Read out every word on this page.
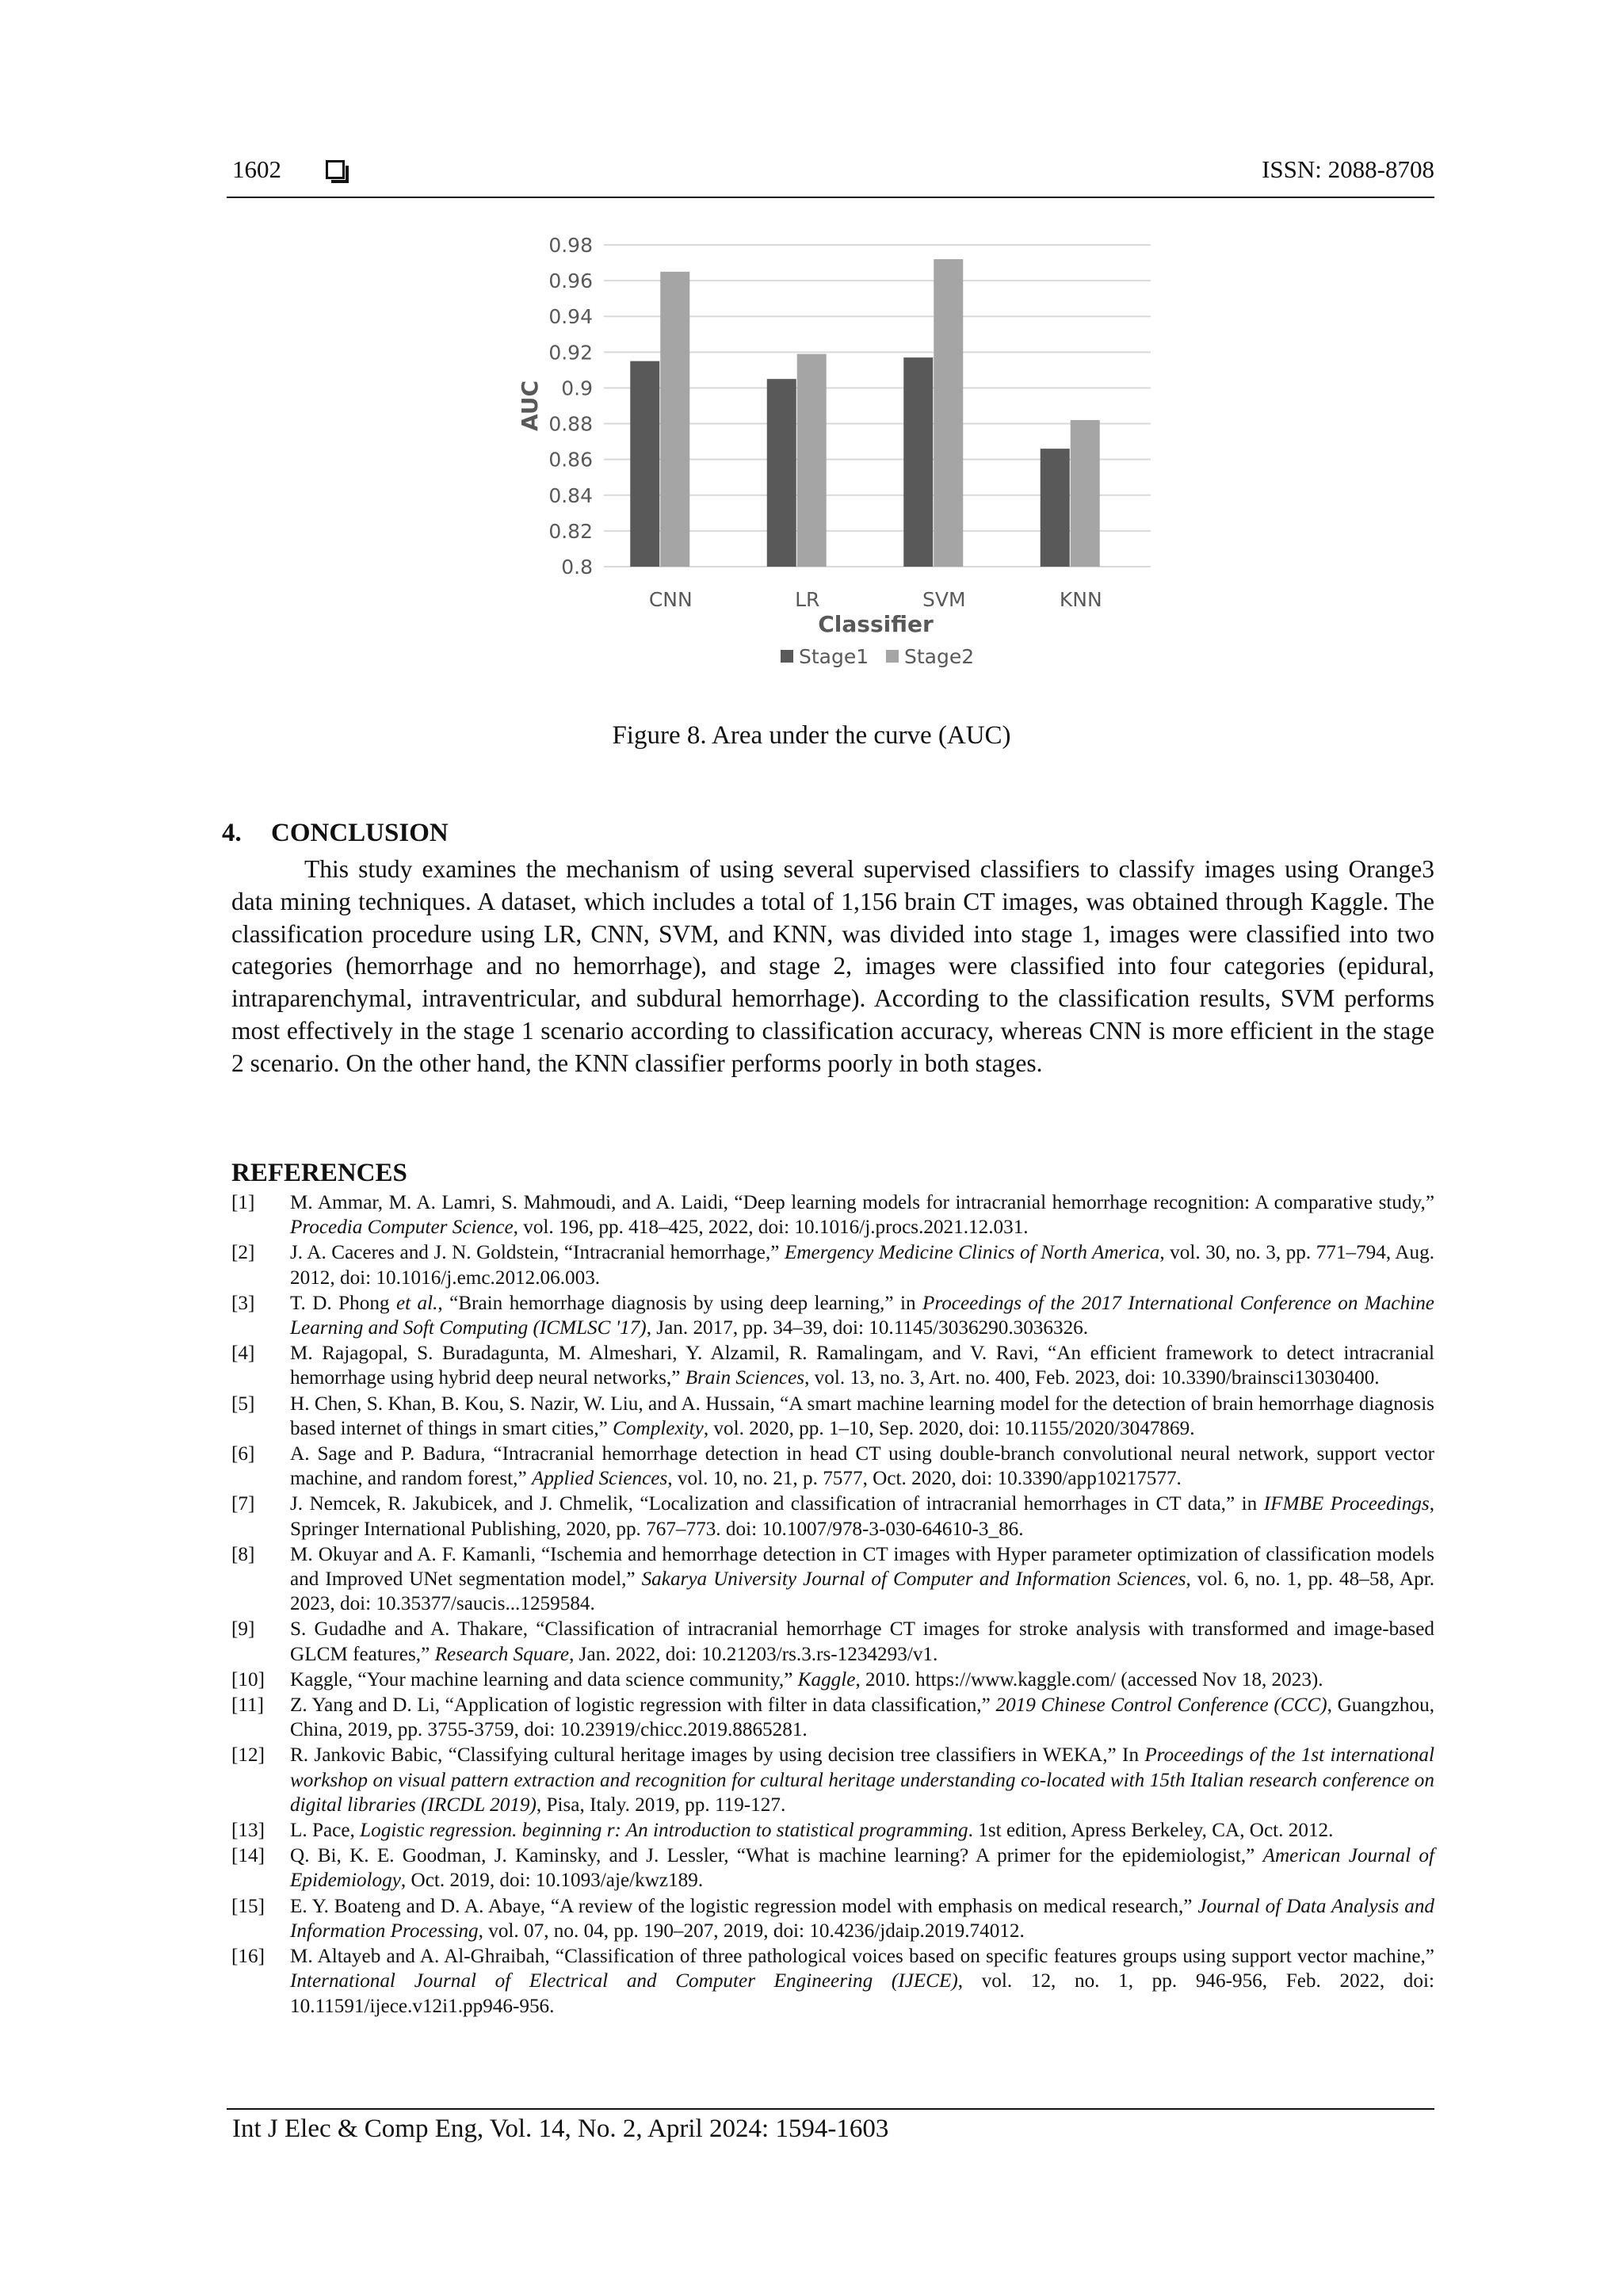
1602	ISSN: 2088-8708
0.8
0.82
0.84
0.86
0.88
0.9
0.92
0.94
0.96
0.98
CNN	LR	SVM	KNN
Classifier
AUC
Stage1 Stage2
Figure 8. Area under the curve (AUC)
4. CONCLUSION
This study examines the mechanism of using several supervised classifiers to classify images using Orange3 data mining techniques. A dataset, which includes a total of 1,156 brain CT images, was obtained through Kaggle. The classification procedure using LR, CNN, SVM, and KNN, was divided into stage 1, images were classified into two categories (hemorrhage and no hemorrhage), and stage 2, images were classified into four categories (epidural, intraparenchymal, intraventricular, and subdural hemorrhage). According to the classification results, SVM performs most effectively in the stage 1 scenario according to classification accuracy, whereas CNN is more efficient in the stage 2 scenario. On the other hand, the KNN classifier performs poorly in both stages.
REFERENCES
[1] M. Ammar, M. A. Lamri, S. Mahmoudi, and A. Laidi, “Deep learning models for intracranial hemorrhage recognition: A comparative study,” Procedia Computer Science, vol. 196, pp. 418–425, 2022, doi: 10.1016/j.procs.2021.12.031.
[2] J. A. Caceres and J. N. Goldstein, “Intracranial hemorrhage,” Emergency Medicine Clinics of North America, vol. 30, no. 3, pp. 771–794, Aug. 2012, doi: 10.1016/j.emc.2012.06.003.
[3] T. D. Phong et al., “Brain hemorrhage diagnosis by using deep learning,” in Proceedings of the 2017 International Conference on Machine Learning and Soft Computing (ICMLSC '17), Jan. 2017, pp. 34–39, doi: 10.1145/3036290.3036326.
[4] M. Rajagopal, S. Buradagunta, M. Almeshari, Y. Alzamil, R. Ramalingam, and V. Ravi, “An efficient framework to detect intracranial hemorrhage using hybrid deep neural networks,” Brain Sciences, vol. 13, no. 3, Art. no. 400, Feb. 2023, doi: 10.3390/brainsci13030400.
[5] H. Chen, S. Khan, B. Kou, S. Nazir, W. Liu, and A. Hussain, “A smart machine learning model for the detection of brain hemorrhage diagnosis based internet of things in smart cities,” Complexity, vol. 2020, pp. 1–10, Sep. 2020, doi: 10.1155/2020/3047869.
[6] A. Sage and P. Badura, “Intracranial hemorrhage detection in head CT using double-branch convolutional neural network, support vector machine, and random forest,” Applied Sciences, vol. 10, no. 21, p. 7577, Oct. 2020, doi: 10.3390/app10217577.
[7] J. Nemcek, R. Jakubicek, and J. Chmelik, “Localization and classification of intracranial hemorrhages in CT data,” in IFMBE Proceedings, Springer International Publishing, 2020, pp. 767–773. doi: 10.1007/978-3-030-64610-3_86.
[8] M. Okuyar and A. F. Kamanli, “Ischemia and hemorrhage detection in CT images with Hyper parameter optimization of classification models and Improved UNet segmentation model,” Sakarya University Journal of Computer and Information Sciences, vol. 6, no. 1, pp. 48–58, Apr. 2023, doi: 10.35377/saucis...1259584.
[9] S. Gudadhe and A. Thakare, “Classification of intracranial hemorrhage CT images for stroke analysis with transformed and image-based GLCM features,” Research Square, Jan. 2022, doi: 10.21203/rs.3.rs-1234293/v1.
[10] Kaggle, “Your machine learning and data science community,” Kaggle, 2010. https://www.kaggle.com/ (accessed Nov 18, 2023).
[11] Z. Yang and D. Li, “Application of logistic regression with filter in data classification,” 2019 Chinese Control Conference (CCC), Guangzhou, China, 2019, pp. 3755-3759, doi: 10.23919/chicc.2019.8865281.
[12] R. Jankovic Babic, “Classifying cultural heritage images by using decision tree classifiers in WEKA,” In Proceedings of the 1st international workshop on visual pattern extraction and recognition for cultural heritage understanding co-located with 15th Italian research conference on digital libraries (IRCDL 2019), Pisa, Italy. 2019, pp. 119-127.
[13] L. Pace, Logistic regression. beginning r: An introduction to statistical programming. 1st edition, Apress Berkeley, CA, Oct. 2012.
[14] Q. Bi, K. E. Goodman, J. Kaminsky, and J. Lessler, “What is machine learning? A primer for the epidemiologist,” American Journal of Epidemiology, Oct. 2019, doi: 10.1093/aje/kwz189.
[15] E. Y. Boateng and D. A. Abaye, “A review of the logistic regression model with emphasis on medical research,” Journal of Data Analysis and Information Processing, vol. 07, no. 04, pp. 190–207, 2019, doi: 10.4236/jdaip.2019.74012.
[16] M. Altayeb and A. Al-Ghraibah, “Classification of three pathological voices based on specific features groups using support vector machine,” International Journal of Electrical and Computer Engineering (IJECE), vol. 12, no. 1, pp. 946-956, Feb. 2022, doi: 10.11591/ijece.v12i1.pp946-956.
Int J Elec & Comp Eng, Vol. 14, No. 2, April 2024: 1594-1603
